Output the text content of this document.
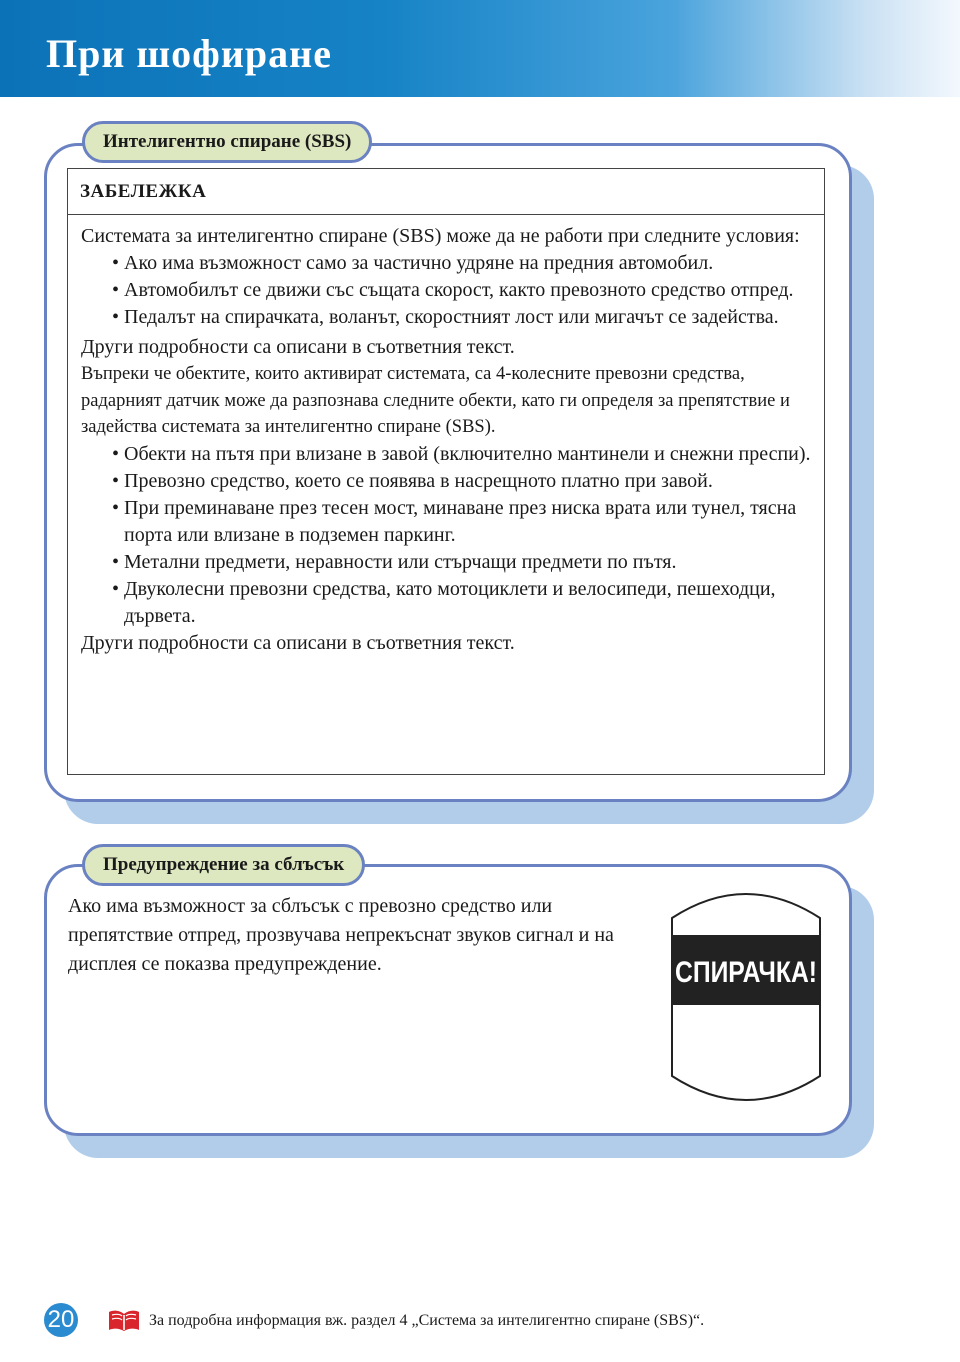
При шофиране
Интелигентно спиране (SBS)
ЗАБЕЛЕЖКА

Системата за интелигентно спиране (SBS) може да не работи при следните условия:

• Ако има възможност само за частично удряне на предния автомобил.
• Автомобилът се движи със същата скорост, както превозното средство отпред.
• Педалът на спирачката, воланът, скоростният лост или мигачът се задейства.

Други подробности са описани в съответния текст.

Въпреки че обектите, които активират системата, са 4-колесните превозни средства, радарният датчик може да разпознава следните обекти, като ги определя за препятствие и задейства системата за интелигентно спиране (SBS).

• Обекти на пътя при влизане в завой (включително мантинели и снежни преспи).
• Превозно средство, което се появява в насрещното платно при завой.
• При преминаване през тесен мост, минаване през ниска врата или тунел, тясна порта или влизане в подземен паркинг.
• Метални предмети, неравности или стърчащи предмети по пътя.
• Двуколесни превозни средства, като мотоциклети и велосипеди, пешеходци, дървета.

Други подробности са описани в съответния текст.

Предупреждение за сблъсък
Ако има възможност за сблъсък с превозно средство или препятствие отпред, прозвучава непрекъснат звуков сигнал и на дисплея се показва предупреждение.	СПИРАЧКА!
20	За подробна информация вж. раздел 4 „Система за интелигентно спиране (SBS)“.
